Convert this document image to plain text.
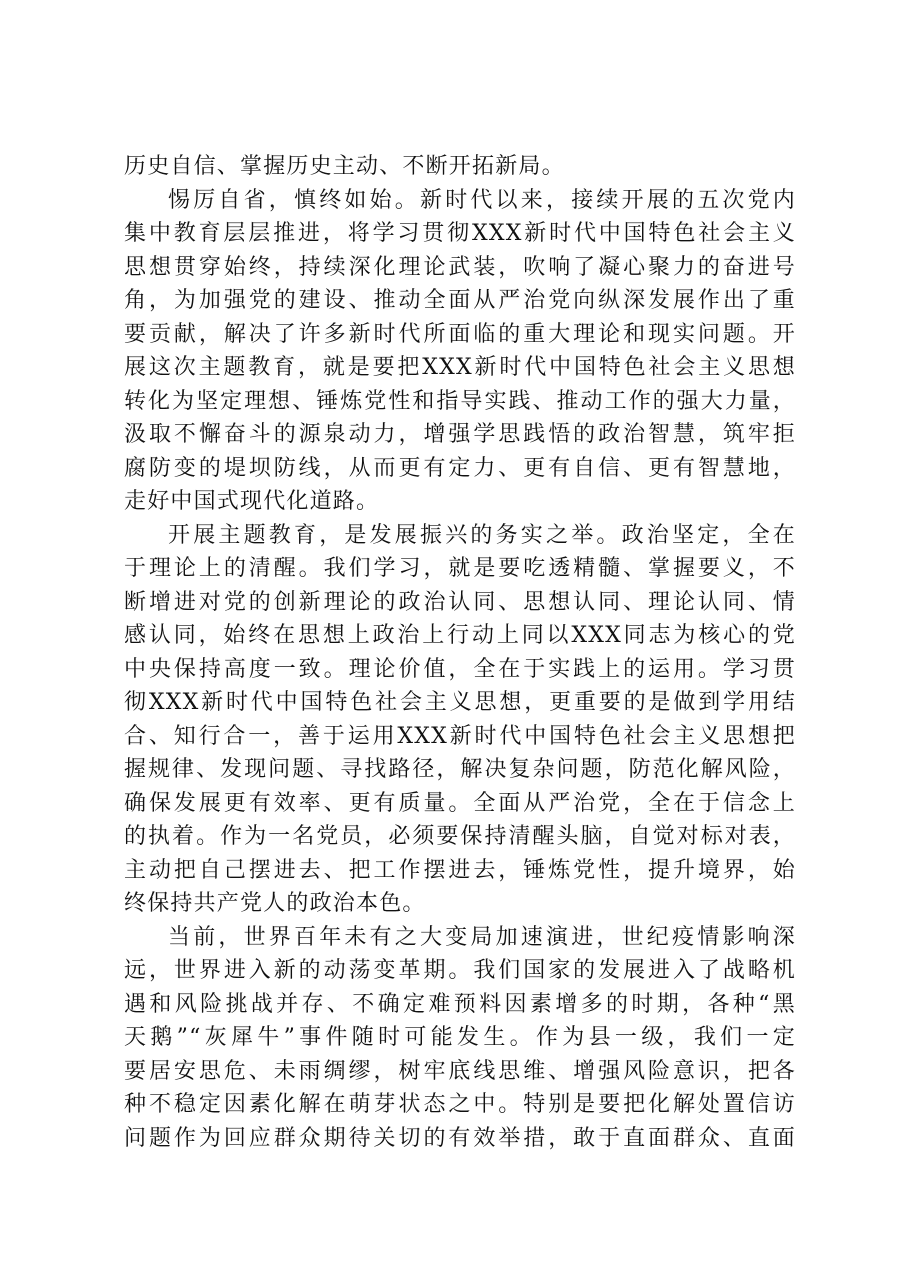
历史自信、掌握历史主动、不断开拓新局。
惕厉自省，慎终如始。新时代以来，接续开展的五次党内
集中教育层层推进，将学习贯彻XXX新时代中国特色社会主义
思想贯穿始终，持续深化理论武装，吹响了凝心聚力的奋进号
角，为加强党的建设、推动全面从严治党向纵深发展作出了重
要贡献，解决了许多新时代所面临的重大理论和现实问题。开
展这次主题教育，就是要把XXX新时代中国特色社会主义思想
转化为坚定理想、锤炼党性和指导实践、推动工作的强大力量，
汲取不懈奋斗的源泉动力，增强学思践悟的政治智慧，筑牢拒
腐防变的堤坝防线，从而更有定力、更有自信、更有智慧地，
走好中国式现代化道路。
开展主题教育，是发展振兴的务实之举。政治坚定，全在
于理论上的清醒。我们学习，就是要吃透精髓、掌握要义，不
断增进对党的创新理论的政治认同、思想认同、理论认同、情
感认同，始终在思想上政治上行动上同以XXX同志为核心的党
中央保持高度一致。理论价值，全在于实践上的运用。学习贯
彻XXX新时代中国特色社会主义思想，更重要的是做到学用结
合、知行合一，善于运用XXX新时代中国特色社会主义思想把
握规律、发现问题、寻找路径，解决复杂问题，防范化解风险，
确保发展更有效率、更有质量。全面从严治党，全在于信念上
的执着。作为一名党员，必须要保持清醒头脑，自觉对标对表，
主动把自己摆进去、把工作摆进去，锤炼党性，提升境界，始
终保持共产党人的政治本色。
当前，世界百年未有之大变局加速演进，世纪疫情影响深
远，世界进入新的动荡变革期。我们国家的发展进入了战略机
遇和风险挑战并存、不确定难预料因素增多的时期，各种“黑
天鹅”“灰犀牛”事件随时可能发生。作为县一级，我们一定
要居安思危、未雨绸缪，树牢底线思维、增强风险意识，把各
种不稳定因素化解在萌芽状态之中。特别是要把化解处置信访
问题作为回应群众期待关切的有效举措，敢于直面群众、直面
